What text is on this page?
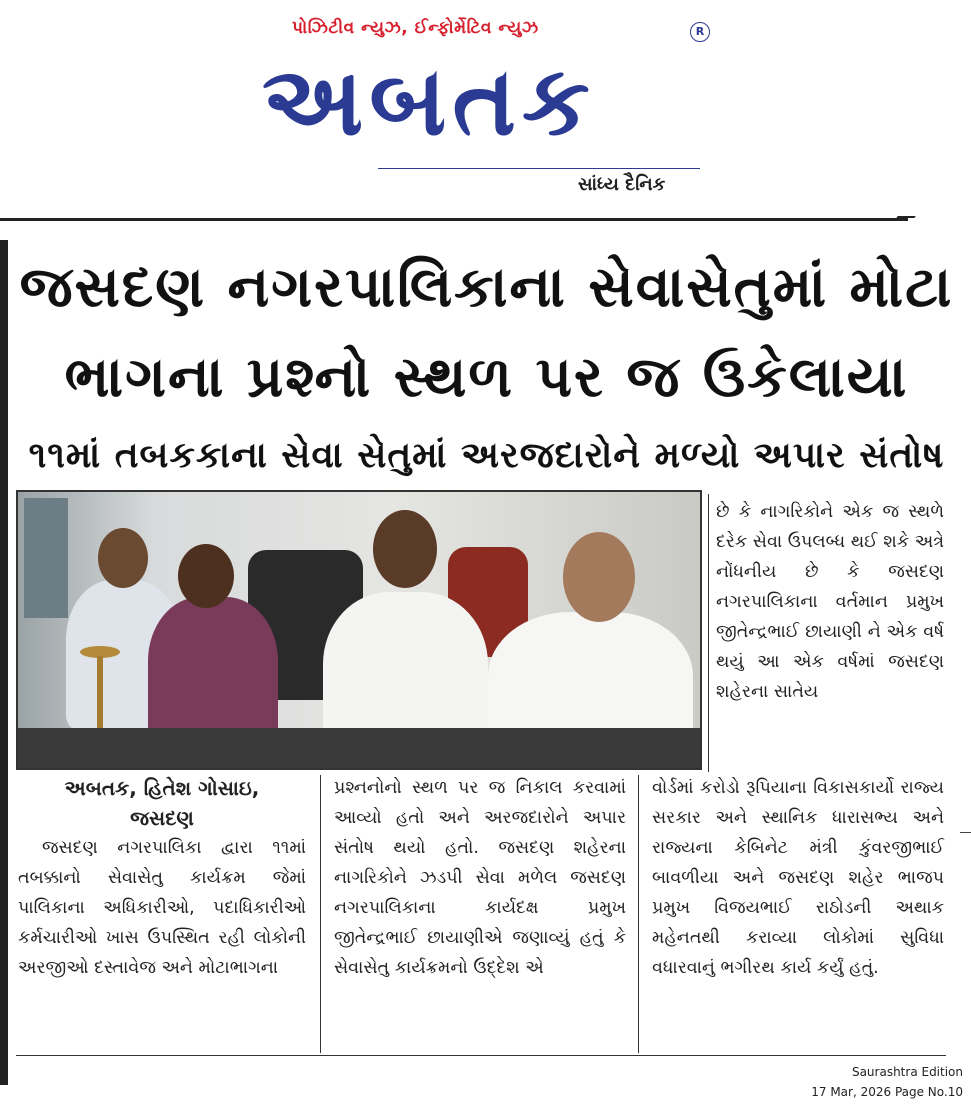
પોઝિટીવ ન્યુઝ, ઈન્ફોર્મેટિવ ન્યુઝ
અબતક
R
સાંધ્ય દૈનિક
જસદણ નગરપાલિકાના સેવાસેતુમાં મોટા
ભાગના પ્રશ્નો સ્થળ પર જ ઉકેલાયા
૧૧માં તબકકાના સેવા સેતુમાં અરજદારોને મળ્યો અપાર સંતોષ

છે કે નાગરિકોને એક જ સ્થળે દરેક સેવા ઉપલબ્ધ થઈ શકે અત્રે નોંધનીય છે કે જસદણ નગરપાલિકાના વર્તમાન પ્રમુખ જીતેન્દ્રભાઈ છાયાણી ને એક વર્ષ થયું આ એક વર્ષમાં જસદણ શહેરના સાતેય

અબતક, હિતેશ ગોસાઇ,
જસદણ

જસદણ નગરપાલિકા દ્વારા ૧૧માં તબક્કાનો સેવાસેતુ કાર્યક્રમ જેમાં પાલિકાના અધિકારીઓ, પદાધિકારીઓ કર્મચારીઓ ખાસ ઉપસ્થિત રહી લોકોની અરજીઓ દસ્તાવેજ અને મોટાભાગના

પ્રશ્નનોનો સ્થળ પર જ નિકાલ કરવામાં આવ્યો હતો અને અરજદારોને અપાર સંતોષ થયો હતો. જસદણ શહેરના નાગરિકોને ઝડપી સેવા મળેલ જસદણ નગરપાલિકાના કાર્યદક્ષ પ્રમુખ જીતેન્દ્રભાઈ છાયાણીએ જણાવ્યું હતું કે સેવાસેતુ કાર્યક્રમનો ઉદ્દેશ એ

વોર્ડમાં કરોડો રૂપિયાના વિકાસકાર્યો રાજ્ય સરકાર અને સ્થાનિક ધારાસભ્ય અને રાજ્યના કેબિનેટ મંત્રી કુંવરજીભાઈ બાવળીયા અને જસદણ શહેર ભાજપ પ્રમુખ વિજયભાઈ રાઠોડની અથાક મહેનતથી કરાવ્યા લોકોમાં સુવિધા વધારવાનું ભગીરથ કાર્ય કર્યું હતું.

Saurashtra Edition
17 Mar, 2026 Page No.10
